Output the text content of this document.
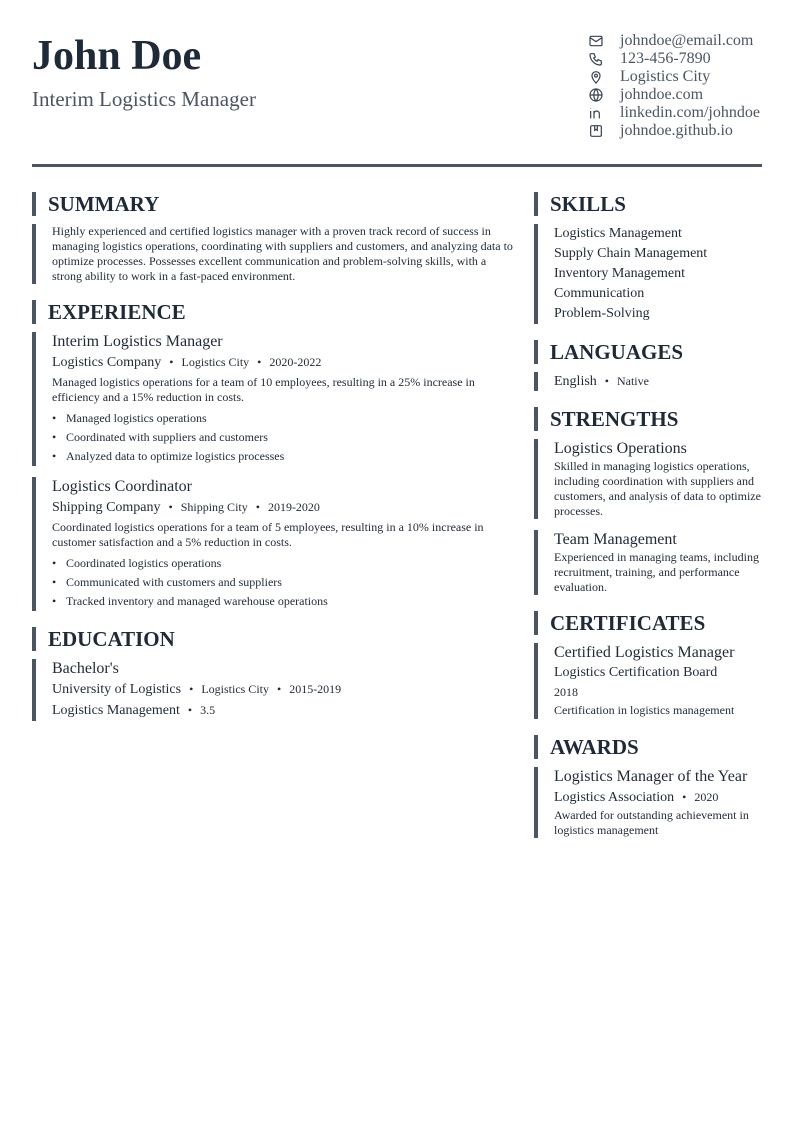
John Doe
Interim Logistics Manager
johndoe@email.com
123-456-7890
Logistics City
johndoe.com
linkedin.com/johndoe
johndoe.github.io
SUMMARY
Highly experienced and certified logistics manager with a proven track record of success in managing logistics operations, coordinating with suppliers and customers, and analyzing data to optimize processes. Possesses excellent communication and problem-solving skills, with a strong ability to work in a fast-paced environment.
EXPERIENCE
Interim Logistics Manager
Logistics Company • Logistics City • 2020-2022
Managed logistics operations for a team of 10 employees, resulting in a 25% increase in efficiency and a 15% reduction in costs.
• Managed logistics operations
• Coordinated with suppliers and customers
• Analyzed data to optimize logistics processes
Logistics Coordinator
Shipping Company • Shipping City • 2019-2020
Coordinated logistics operations for a team of 5 employees, resulting in a 10% increase in customer satisfaction and a 5% reduction in costs.
• Coordinated logistics operations
• Communicated with customers and suppliers
• Tracked inventory and managed warehouse operations
EDUCATION
Bachelor's
University of Logistics • Logistics City • 2015-2019
Logistics Management • 3.5
SKILLS
Logistics Management
Supply Chain Management
Inventory Management
Communication
Problem-Solving
LANGUAGES
English • Native
STRENGTHS
Logistics Operations
Skilled in managing logistics operations, including coordination with suppliers and customers, and analysis of data to optimize processes.
Team Management
Experienced in managing teams, including recruitment, training, and performance evaluation.
CERTIFICATES
Certified Logistics Manager
Logistics Certification Board
2018
Certification in logistics management
AWARDS
Logistics Manager of the Year
Logistics Association • 2020
Awarded for outstanding achievement in logistics management
